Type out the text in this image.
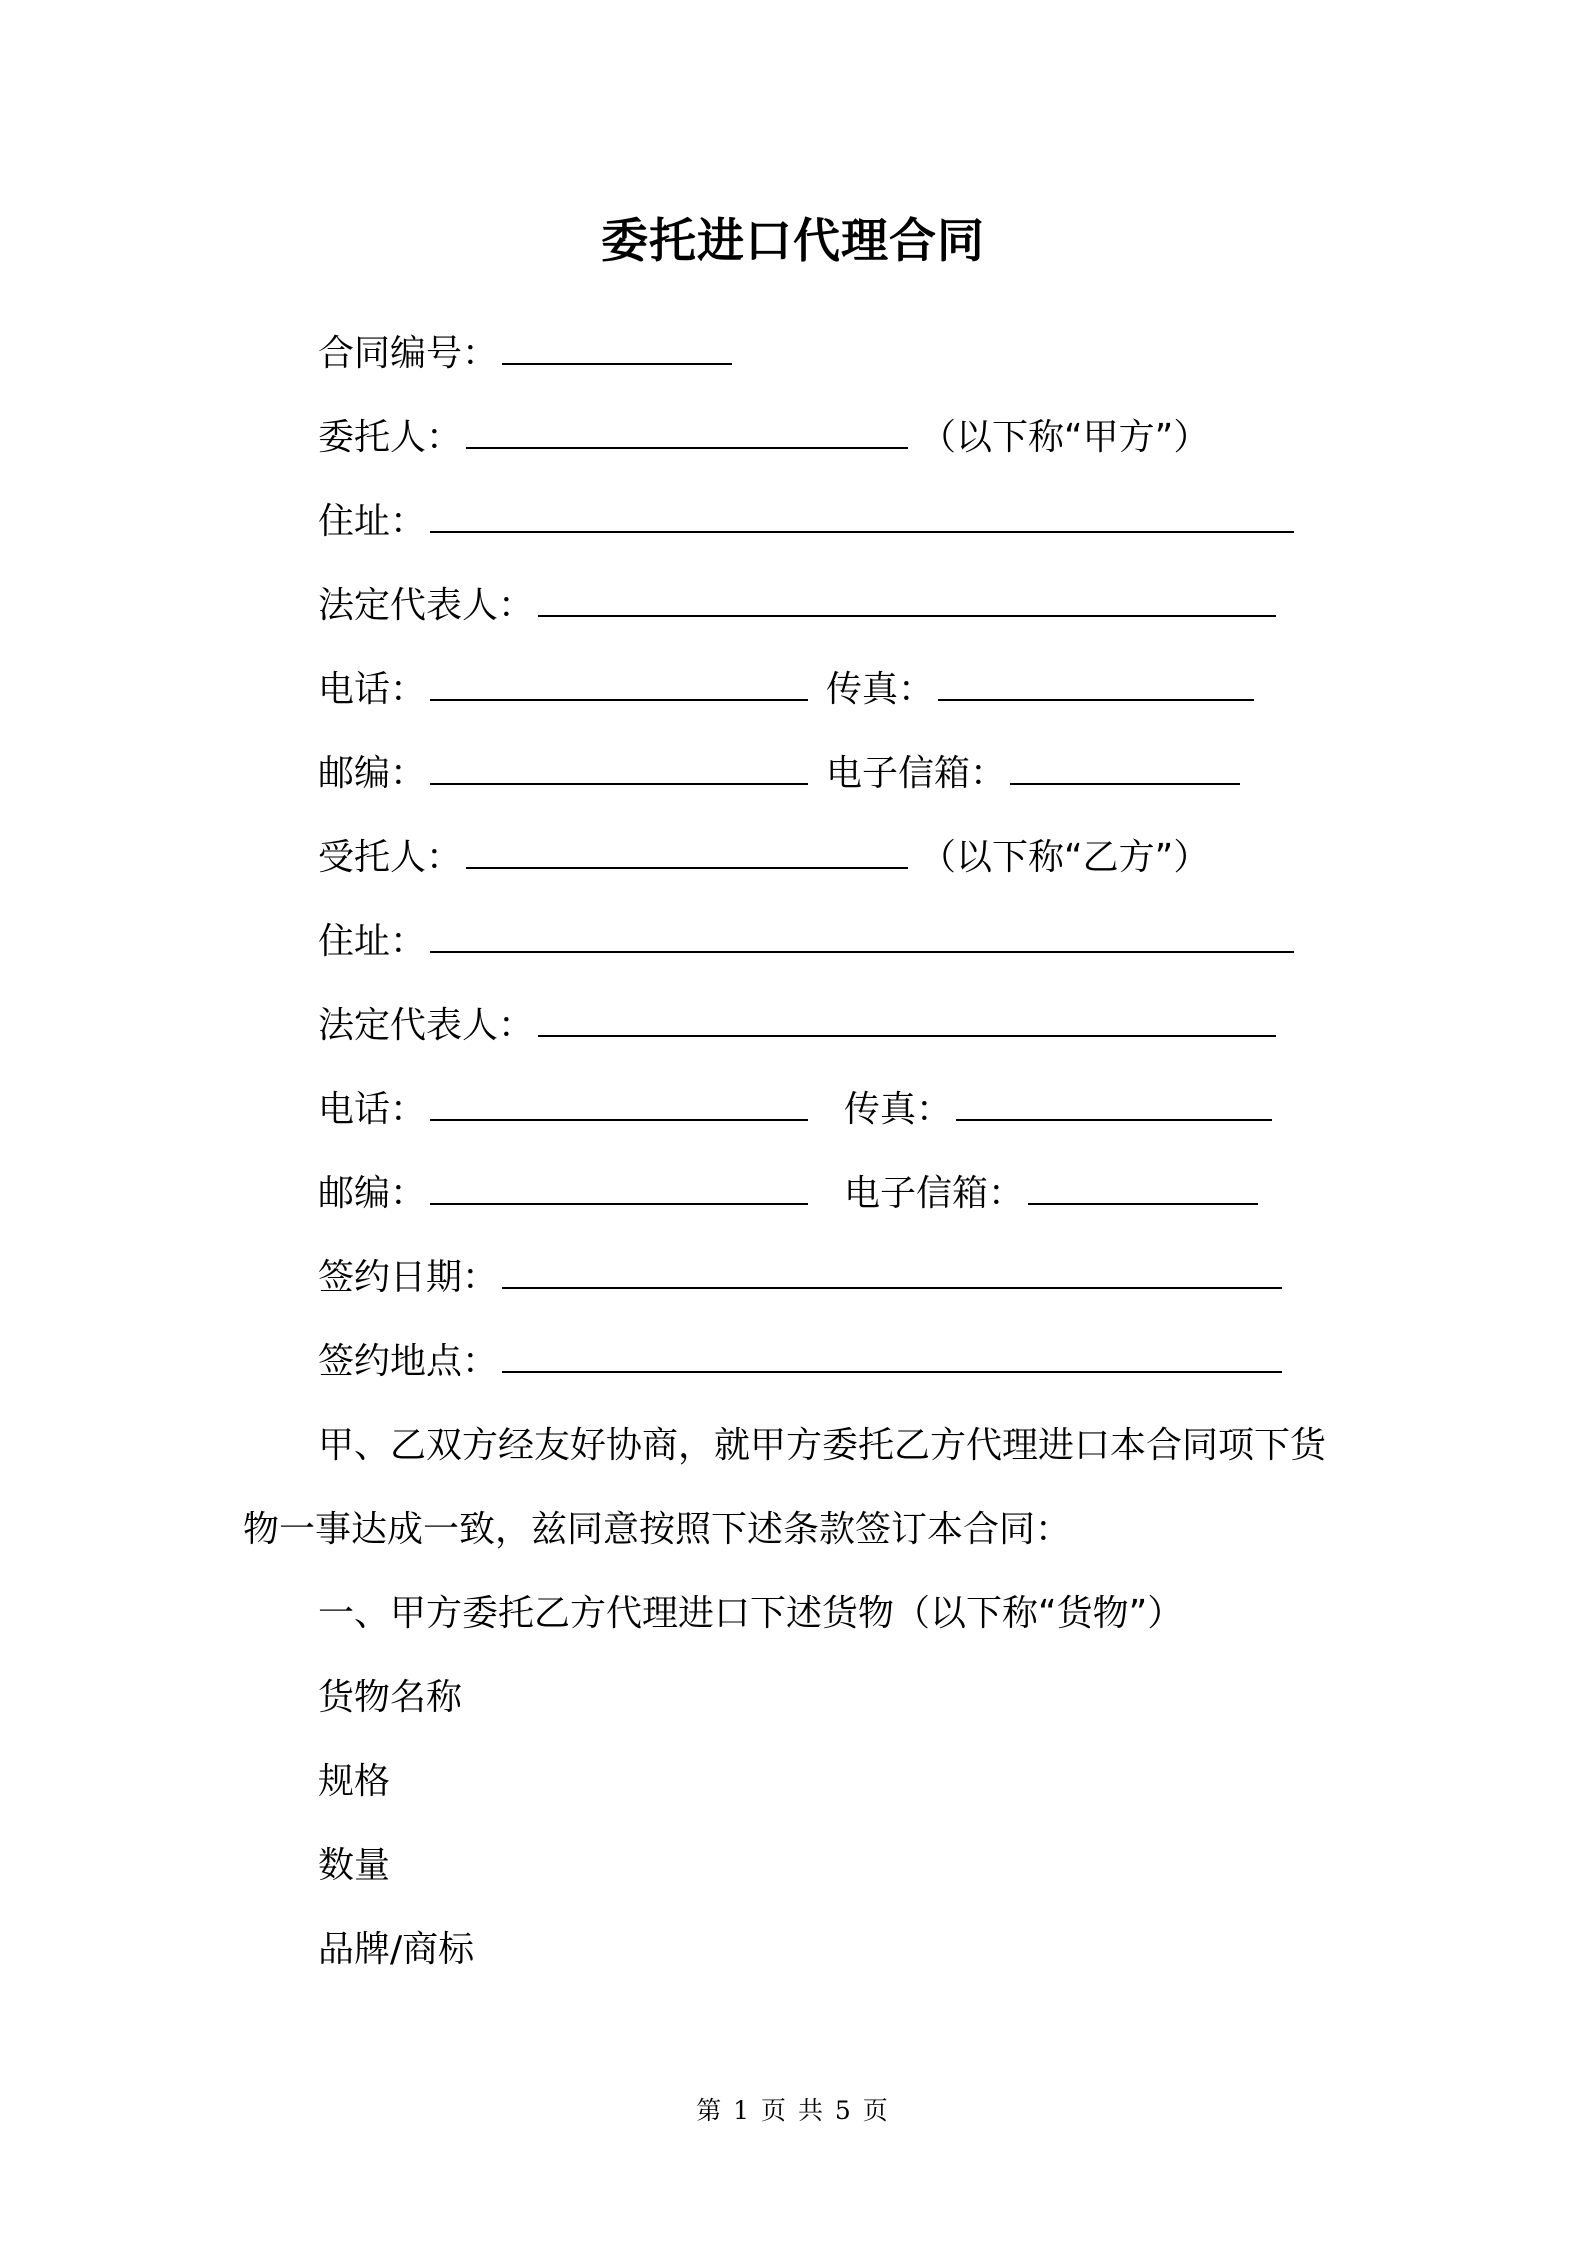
委托进口代理合同
合同编号：
委托人：	（以下称“甲方”）
住址：
法定代表人：
电话：	传真：
邮编：	电子信箱：
受托人：	（以下称“乙方”）
住址：
法定代表人：
电话：	传真：
邮编：	电子信箱：
签约日期：
签约地点：
甲、乙双方经友好协商，就甲方委托乙方代理进口本合同项下货
物一事达成一致，兹同意按照下述条款签订本合同：
一、甲方委托乙方代理进口下述货物（以下称“货物”）
货物名称
规格
数量
品牌/商标
第 1 页 共 5 页
